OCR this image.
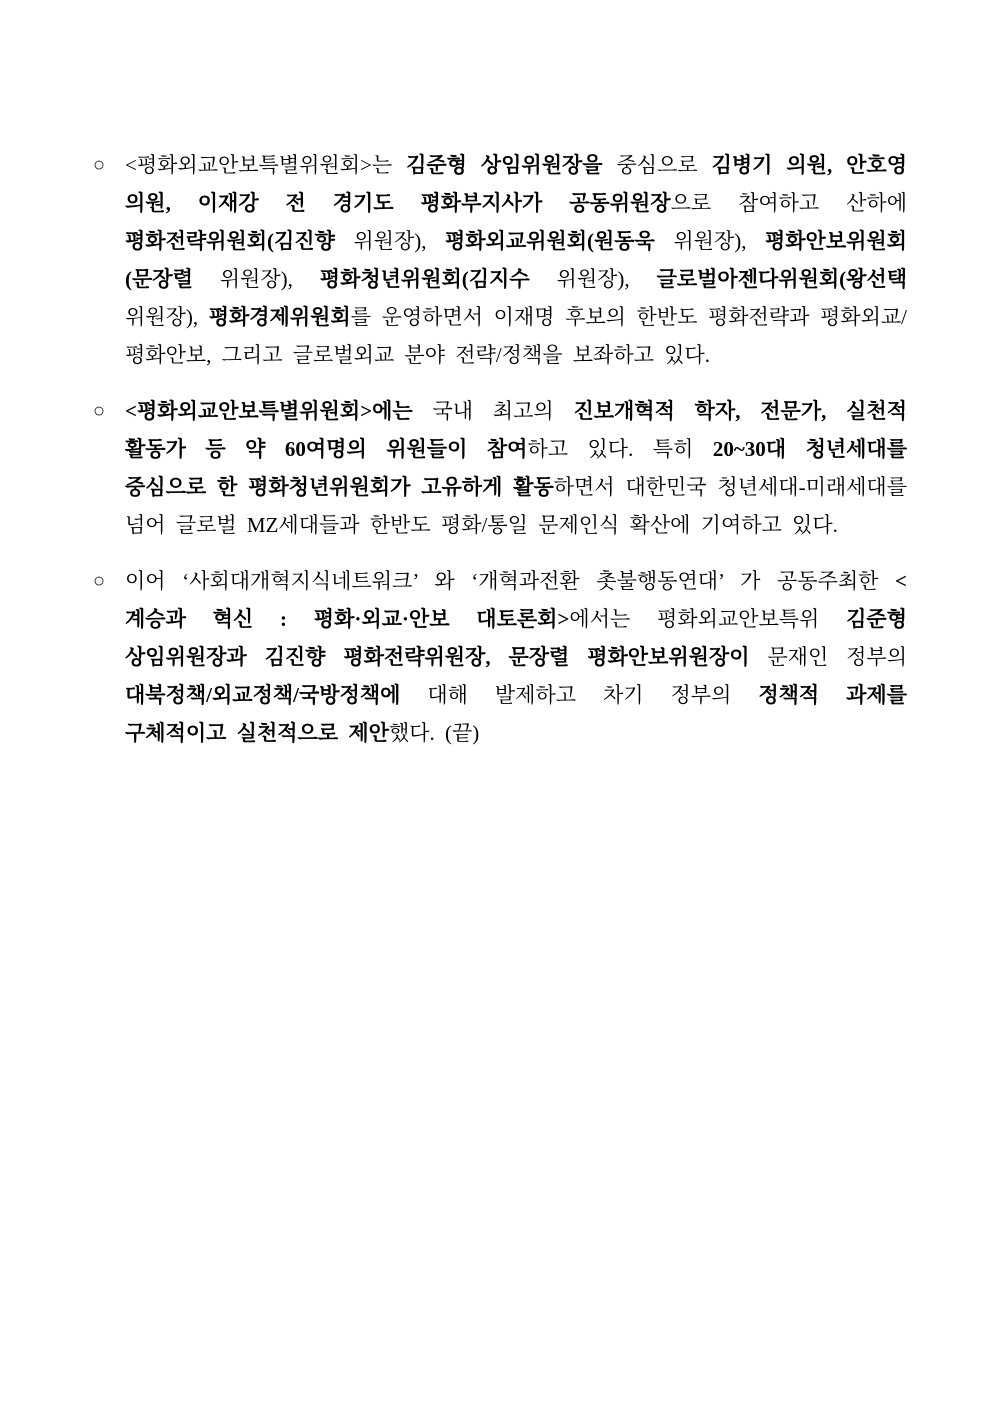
○ <평화외교안보특별위원회>는 김준형 상임위원장을 중심으로 김병기 의원, 안호영 의원, 이재강 전 경기도 평화부지사가 공동위원장으로 참여하고 산하에 평화전략위원회(김진향 위원장), 평화외교위원회(원동욱 위원장), 평화안보위원회(문장렬 위원장), 평화청년위원회(김지수 위원장), 글로벌아젠다위원회(왕선택 위원장), 평화경제위원회를 운영하면서 이재명 후보의 한반도 평화전략과 평화외교/평화안보, 그리고 글로벌외교 분야 전략/정책을 보좌하고 있다.
○ <평화외교안보특별위원회>에는 국내 최고의 진보개혁적 학자, 전문가, 실천적 활동가 등 약 60여명의 위원들이 참여하고 있다. 특히 20~30대 청년세대를 중심으로 한 평화청년위원회가 고유하게 활동하면서 대한민국 청년세대-미래세대를 넘어 글로벌 MZ세대들과 한반도 평화/통일 문제인식 확산에 기여하고 있다.
○ 이어 ‘사회대개혁지식네트워크’ 와 ‘개혁과전환 촛불행동연대’ 가 공동주최한 <계승과 혁신 : 평화·외교·안보 대토론회>에서는 평화외교안보특위 김준형 상임위원장과 김진향 평화전략위원장, 문장렬 평화안보위원장이 문재인 정부의 대북정책/외교정책/국방정책에 대해 발제하고 차기 정부의 정책적 과제를 구체적이고 실천적으로 제안했다. (끝)
